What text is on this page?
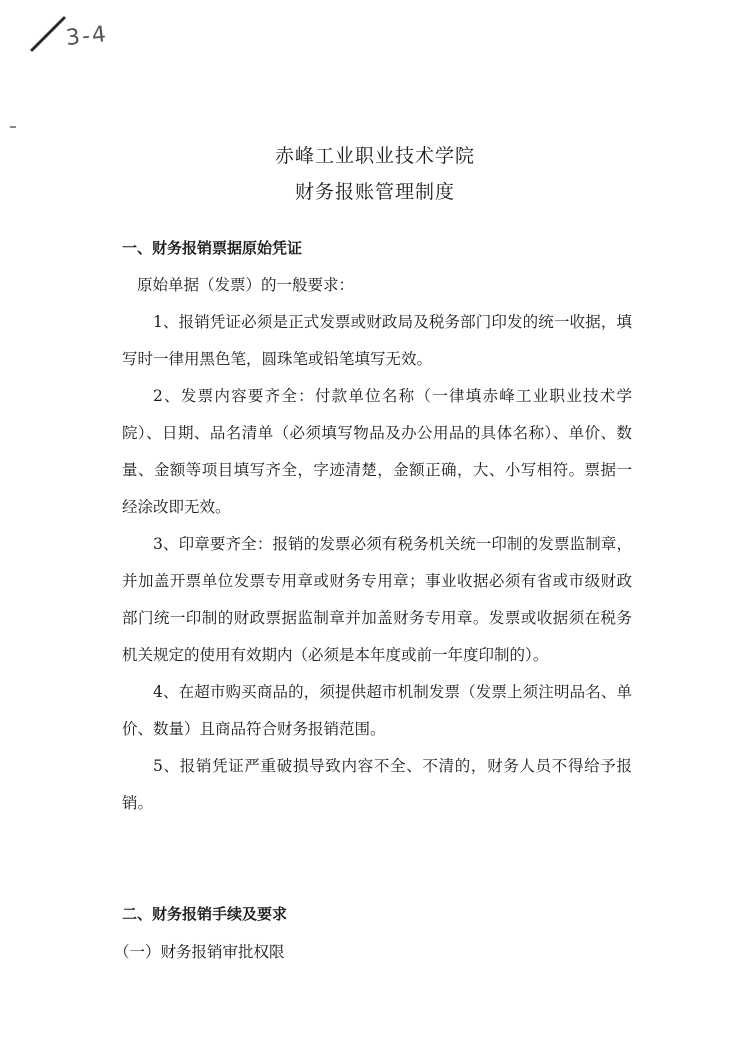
3-4
赤峰工业职业技术学院
财务报账管理制度
一、财务报销票据原始凭证
原始单据（发票）的一般要求：

1、报销凭证必须是正式发票或财政局及税务部门印发的统一收据，填写时一律用黑色笔，圆珠笔或铅笔填写无效。

2、发票内容要齐全：付款单位名称（一律填赤峰工业职业技术学院）、日期、品名清单（必须填写物品及办公用品的具体名称）、单价、数量、金额等项目填写齐全，字迹清楚，金额正确，大、小写相符。票据一经涂改即无效。

3、印章要齐全：报销的发票必须有税务机关统一印制的发票监制章，并加盖开票单位发票专用章或财务专用章；事业收据必须有省或市级财政部门统一印制的财政票据监制章并加盖财务专用章。发票或收据须在税务机关规定的使用有效期内（必须是本年度或前一年度印制的）。

4、在超市购买商品的，须提供超市机制发票（发票上须注明品名、单价、数量）且商品符合财务报销范围。

5、报销凭证严重破损导致内容不全、不清的，财务人员不得给予报销。

二、财务报销手续及要求
（一）财务报销审批权限
